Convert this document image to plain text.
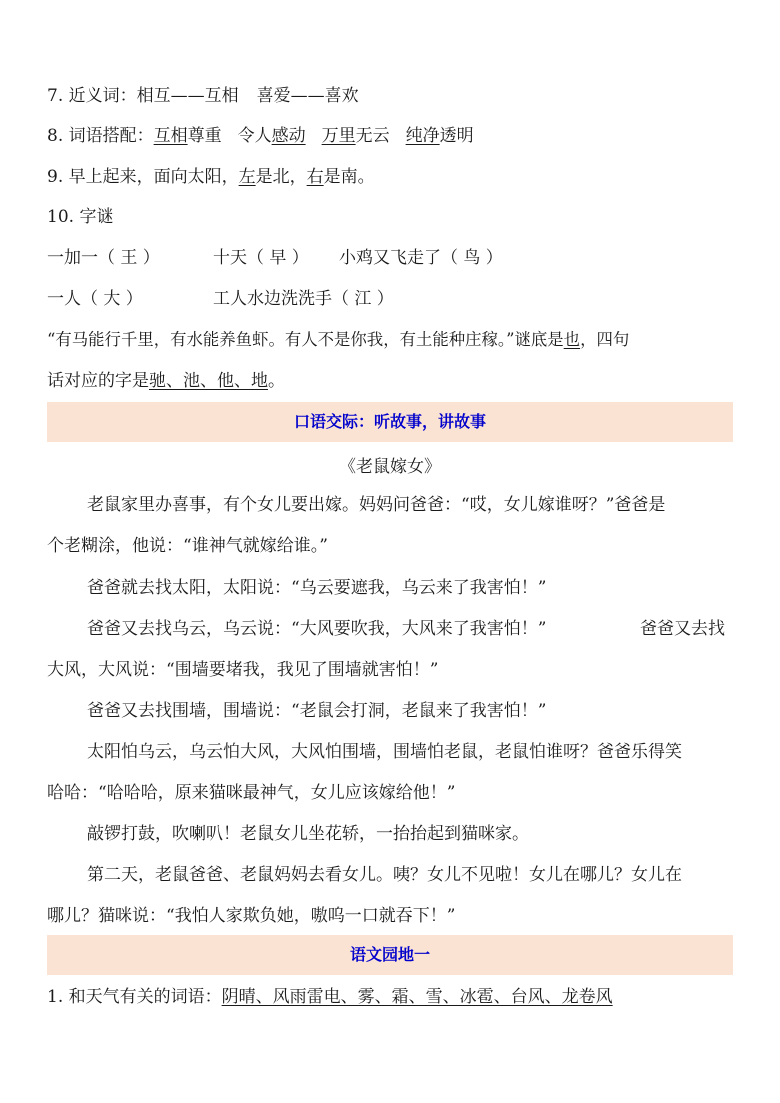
7. 近义词：相互——互相 喜爱——喜欢
8. 词语搭配：互相尊重 令人感动 万里无云 纯净透明
9. 早上起来，面向太阳，左是北，右是南。
10. 字谜
一加一（ 王 ）	十天（ 早 ） 小鸡又飞走了（ 鸟 ）
一人（ 大 ）	工人水边洗洗手（ 江 ）
“有马能行千里，有水能养鱼虾。有人不是你我，有土能种庄稼。”谜底是也，四句
话对应的字是驰、池、他、地。
口语交际：听故事，讲故事
《老鼠嫁女》
老鼠家里办喜事，有个女儿要出嫁。妈妈问爸爸：“哎，女儿嫁谁呀？”爸爸是
个老糊涂，他说：“谁神气就嫁给谁。”
爸爸就去找太阳，太阳说：“乌云要遮我，乌云来了我害怕！”
爸爸又去找乌云，乌云说：“大风要吹我，大风来了我害怕！”	爸爸又去找
大风，大风说：“围墙要堵我，我见了围墙就害怕！”
爸爸又去找围墙，围墙说：“老鼠会打洞，老鼠来了我害怕！”
太阳怕乌云，乌云怕大风，大风怕围墙，围墙怕老鼠，老鼠怕谁呀？爸爸乐得笑
哈哈：“哈哈哈，原来猫咪最神气，女儿应该嫁给他！”
敲锣打鼓，吹喇叭！老鼠女儿坐花轿，一抬抬起到猫咪家。
第二天，老鼠爸爸、老鼠妈妈去看女儿。咦？女儿不见啦！女儿在哪儿？女儿在
哪儿？猫咪说：“我怕人家欺负她，嗷呜一口就吞下！”
语文园地一
1. 和天气有关的词语：阴晴、风雨雷电、雾、霜、雪、冰雹、台风、龙卷风
